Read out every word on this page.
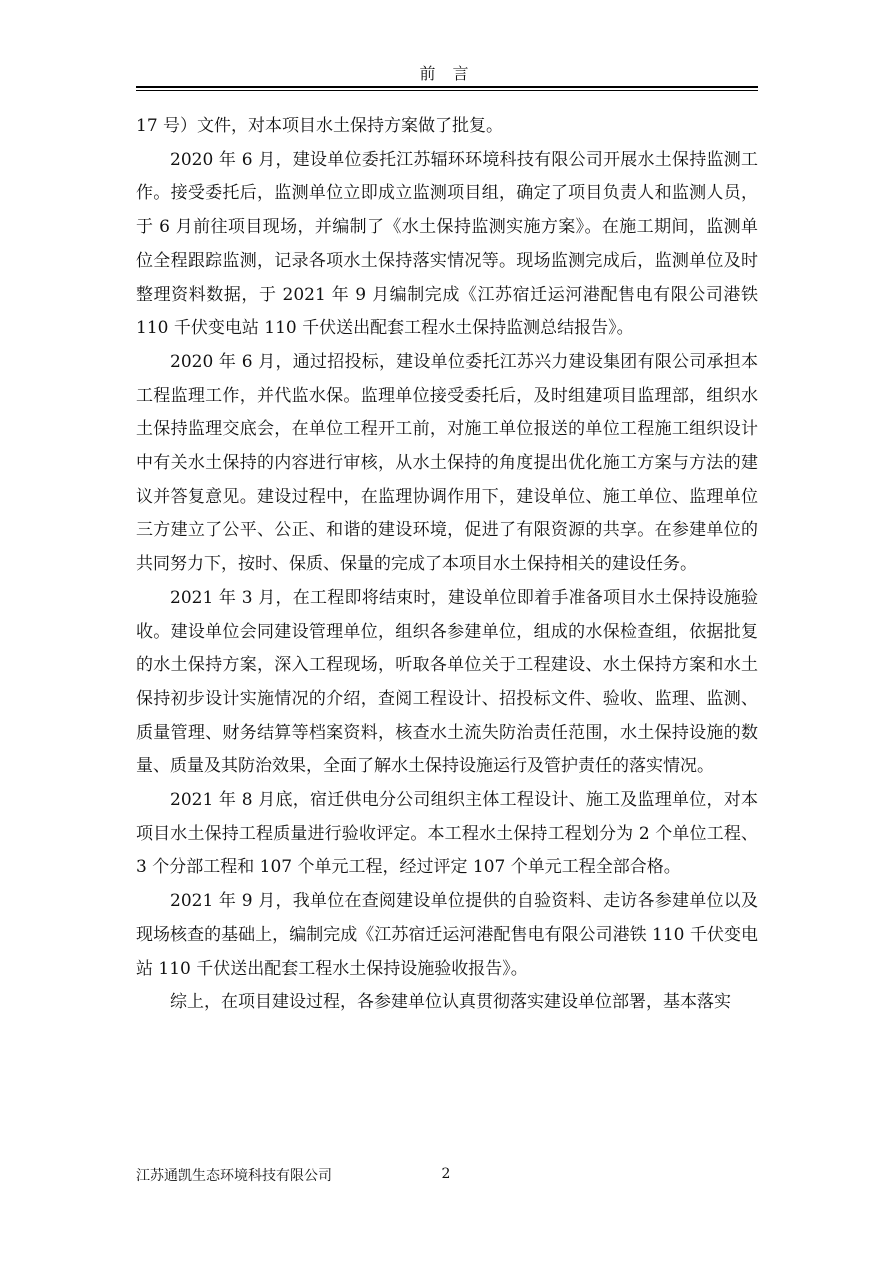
前 言

17 号）文件，对本项目水土保持方案做了批复。

2020 年 6 月，建设单位委托江苏辐环环境科技有限公司开展水土保持监测工作。接受委托后，监测单位立即成立监测项目组，确定了项目负责人和监测人员，于 6 月前往项目现场，并编制了《水土保持监测实施方案》。在施工期间，监测单位全程跟踪监测，记录各项水土保持落实情况等。现场监测完成后，监测单位及时整理资料数据，于 2021 年 9 月编制完成《江苏宿迁运河港配售电有限公司港铁 110 千伏变电站 110 千伏送出配套工程水土保持监测总结报告》。

2020 年 6 月，通过招投标，建设单位委托江苏兴力建设集团有限公司承担本工程监理工作，并代监水保。监理单位接受委托后，及时组建项目监理部，组织水土保持监理交底会，在单位工程开工前，对施工单位报送的单位工程施工组织设计中有关水土保持的内容进行审核，从水土保持的角度提出优化施工方案与方法的建议并答复意见。建设过程中，在监理协调作用下，建设单位、施工单位、监理单位三方建立了公平、公正、和谐的建设环境，促进了有限资源的共享。在参建单位的共同努力下，按时、保质、保量的完成了本项目水土保持相关的建设任务。

2021 年 3 月，在工程即将结束时，建设单位即着手准备项目水土保持设施验收。建设单位会同建设管理单位，组织各参建单位，组成的水保检查组，依据批复的水土保持方案，深入工程现场，听取各单位关于工程建设、水土保持方案和水土保持初步设计实施情况的介绍，查阅工程设计、招投标文件、验收、监理、监测、质量管理、财务结算等档案资料，核查水土流失防治责任范围，水土保持设施的数量、质量及其防治效果，全面了解水土保持设施运行及管护责任的落实情况。

2021 年 8 月底，宿迁供电分公司组织主体工程设计、施工及监理单位，对本项目水土保持工程质量进行验收评定。本工程水土保持工程划分为 2 个单位工程、3 个分部工程和 107 个单元工程，经过评定 107 个单元工程全部合格。

2021 年 9 月，我单位在查阅建设单位提供的自验资料、走访各参建单位以及现场核查的基础上，编制完成《江苏宿迁运河港配售电有限公司港铁 110 千伏变电站 110 千伏送出配套工程水土保持设施验收报告》。

综上，在项目建设过程，各参建单位认真贯彻落实建设单位部署，基本落实

江苏通凯生态环境科技有限公司	2
